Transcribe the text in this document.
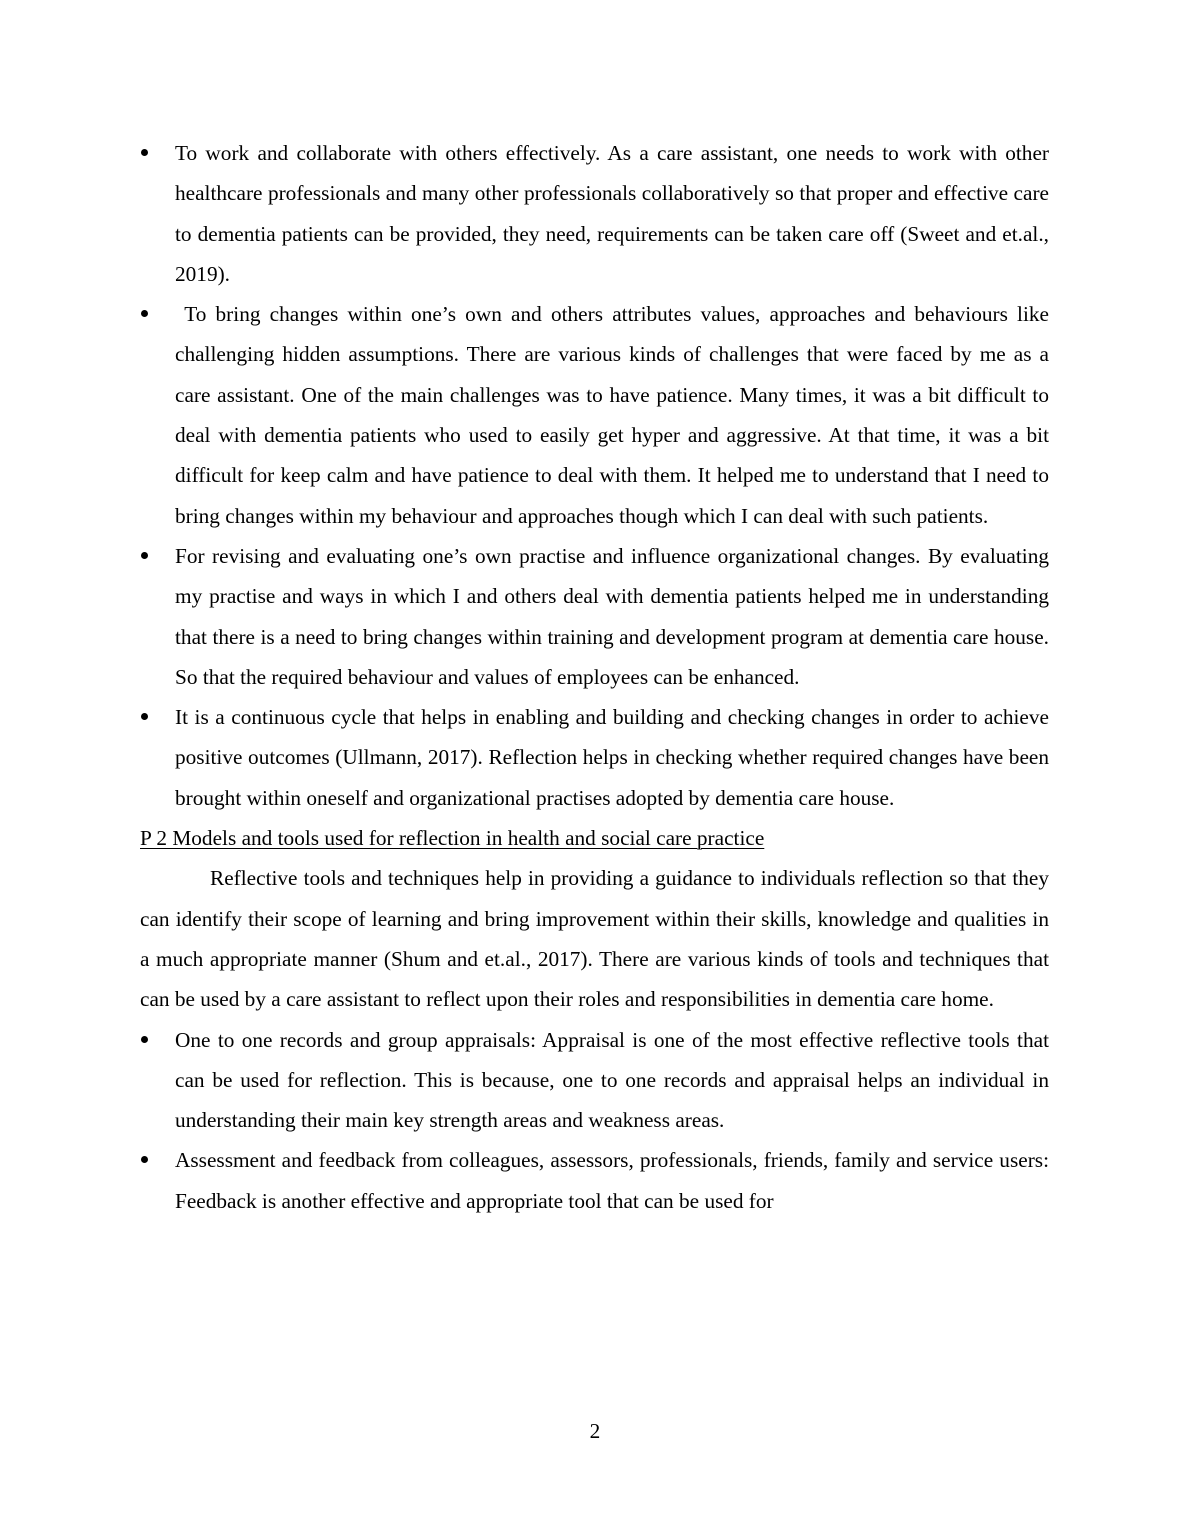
To work and collaborate with others effectively. As a care assistant, one needs to work with other healthcare professionals and many other professionals collaboratively so that proper and effective care to dementia patients can be provided, they need, requirements can be taken care off (Sweet and et.al., 2019).
To bring changes within one’s own and others attributes values, approaches and behaviours like challenging hidden assumptions. There are various kinds of challenges that were faced by me as a care assistant. One of the main challenges was to have patience. Many times, it was a bit difficult to deal with dementia patients who used to easily get hyper and aggressive. At that time, it was a bit difficult for keep calm and have patience to deal with them. It helped me to understand that I need to bring changes within my behaviour and approaches though which I can deal with such patients.
For revising and evaluating one’s own practise and influence organizational changes. By evaluating my practise and ways in which I and others deal with dementia patients helped me in understanding that there is a need to bring changes within training and development program at dementia care house. So that the required behaviour and values of employees can be enhanced.
It is a continuous cycle that helps in enabling and building and checking changes in order to achieve positive outcomes (Ullmann, 2017). Reflection helps in checking whether required changes have been brought within oneself and organizational practises adopted by dementia care house.
P 2 Models and tools used for reflection in health and social care practice

Reflective tools and techniques help in providing a guidance to individuals reflection so that they can identify their scope of learning and bring improvement within their skills, knowledge and qualities in a much appropriate manner (Shum and et.al., 2017). There are various kinds of tools and techniques that can be used by a care assistant to reflect upon their roles and responsibilities in dementia care home.

One to one records and group appraisals: Appraisal is one of the most effective reflective tools that can be used for reflection. This is because, one to one records and appraisal helps an individual in understanding their main key strength areas and weakness areas.
Assessment and feedback from colleagues, assessors, professionals, friends, family and service users: Feedback is another effective and appropriate tool that can be used for
2
